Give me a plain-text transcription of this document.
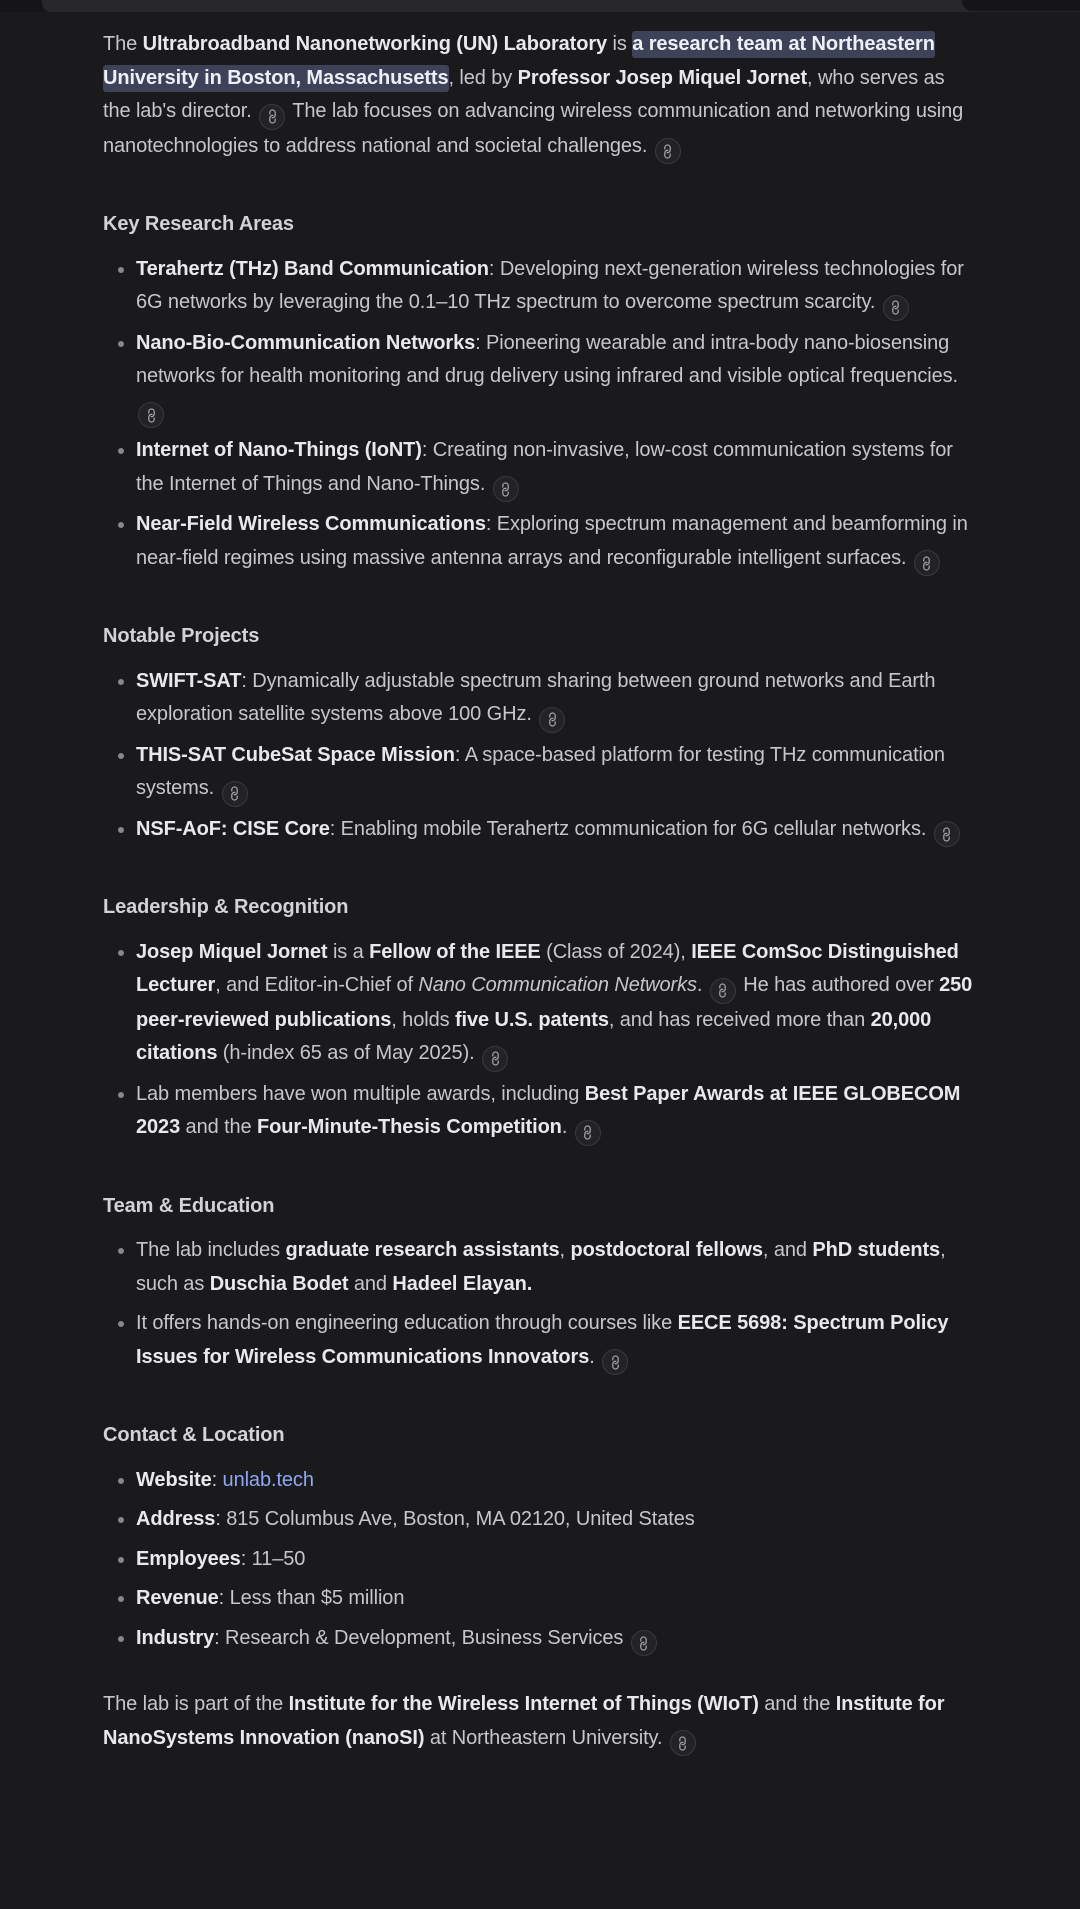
The Ultrabroadband Nanonetworking (UN) Laboratory is a research team at Northeastern University in Boston, Massachusetts, led by Professor Josep Miquel Jornet, who serves as the lab's director.
The lab focuses on advancing wireless communication and networking using nanotechnologies to address national and societal challenges.

Key Research Areas
Terahertz (THz) Band Communication: Developing next-generation wireless technologies for 6G networks by leveraging the 0.1–10 THz spectrum to overcome spectrum scarcity.
Nano-Bio-Communication Networks: Pioneering wearable and intra-body nano-biosensing networks for health monitoring and drug delivery using infrared and visible optical frequencies.
Internet of Nano-Things (IoNT): Creating non-invasive, low-cost communication systems for the Internet of Things and Nano-Things.
Near-Field Wireless Communications: Exploring spectrum management and beamforming in near-field regimes using massive antenna arrays and reconfigurable intelligent surfaces.
Notable Projects
SWIFT-SAT: Dynamically adjustable spectrum sharing between ground networks and Earth exploration satellite systems above 100 GHz.
THIS-SAT CubeSat Space Mission: A space-based platform for testing THz communication systems.
NSF-AoF: CISE Core: Enabling mobile Terahertz communication for 6G cellular networks.
Leadership & Recognition
Josep Miquel Jornet is a Fellow of the IEEE (Class of 2024), IEEE ComSoc Distinguished Lecturer, and Editor-in-Chief of Nano Communication Networks.
He has authored over 250 peer-reviewed publications, holds five U.S. patents, and has received more than 20,000 citations (h-index 65 as of May 2025).
Lab members have won multiple awards, including Best Paper Awards at IEEE GLOBECOM 2023 and the Four-Minute-Thesis Competition.
Team & Education
The lab includes graduate research assistants, postdoctoral fellows, and PhD students, such as Duschia Bodet and Hadeel Elayan.
It offers hands-on engineering education through courses like EECE 5698: Spectrum Policy Issues for Wireless Communications Innovators.
Contact & Location
Website: unlab.tech
Address: 815 Columbus Ave, Boston, MA 02120, United States
Employees: 11–50
Revenue: Less than $5 million
Industry: Research & Development, Business Services

The lab is part of the Institute for the Wireless Internet of Things (WIoT) and the Institute for NanoSystems Innovation (nanoSI) at Northeastern University.
